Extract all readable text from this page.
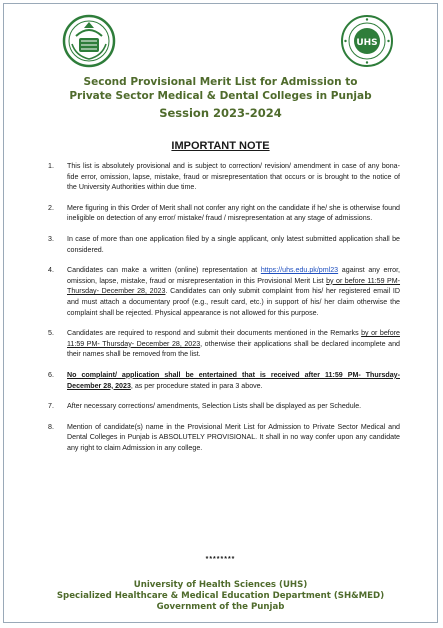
UHS

Second Provisional Merit List for Admission to

Private Sector Medical & Dental Colleges in Punjab

Session 2023-2024

IMPORTANT NOTE

1. This list is absolutely provisional and is subject to correction/ revision/ amendment in case of any bona-fide error, omission, lapse, mistake, fraud or misrepresentation that occurs or is brought to the notice of the University Authorities within due time.
2. Mere figuring in this Order of Merit shall not confer any right on the candidate if he/ she is otherwise found ineligible on detection of any error/ mistake/ fraud / misrepresentation at any stage of admissions.
3. In case of more than one application filed by a single applicant, only latest submitted application shall be considered.
4. Candidates can make a written (online) representation at https://uhs.edu.pk/pml23 against any error, omission, lapse, mistake, fraud or misrepresentation in this Provisional Merit List by or before 11:59 PM- Thursday- December 28, 2023. Candidates can only submit complaint from his/ her registered email ID and must attach a documentary proof (e.g., result card, etc.) in support of his/ her claim otherwise the complaint shall be rejected. Physical appearance is not allowed for this purpose.
5. Candidates are required to respond and submit their documents mentioned in the Remarks by or before 11:59 PM- Thursday- December 28, 2023, otherwise their applications shall be declared incomplete and their names shall be removed from the list.
6. No complaint/ application shall be entertained that is received after 11:59 PM- Thursday- December 28, 2023, as per procedure stated in para 3 above.
7. After necessary corrections/ amendments, Selection Lists shall be displayed as per Schedule.
8. Mention of candidate(s) name in the Provisional Merit List for Admission to Private Sector Medical and Dental Colleges in Punjab is ABSOLUTELY PROVISIONAL. It shall in no way confer upon any candidate any right to claim Admission in any college.
********

University of Health Sciences (UHS)

Specialized Healthcare & Medical Education Department (SH&MED)

Government of the Punjab
